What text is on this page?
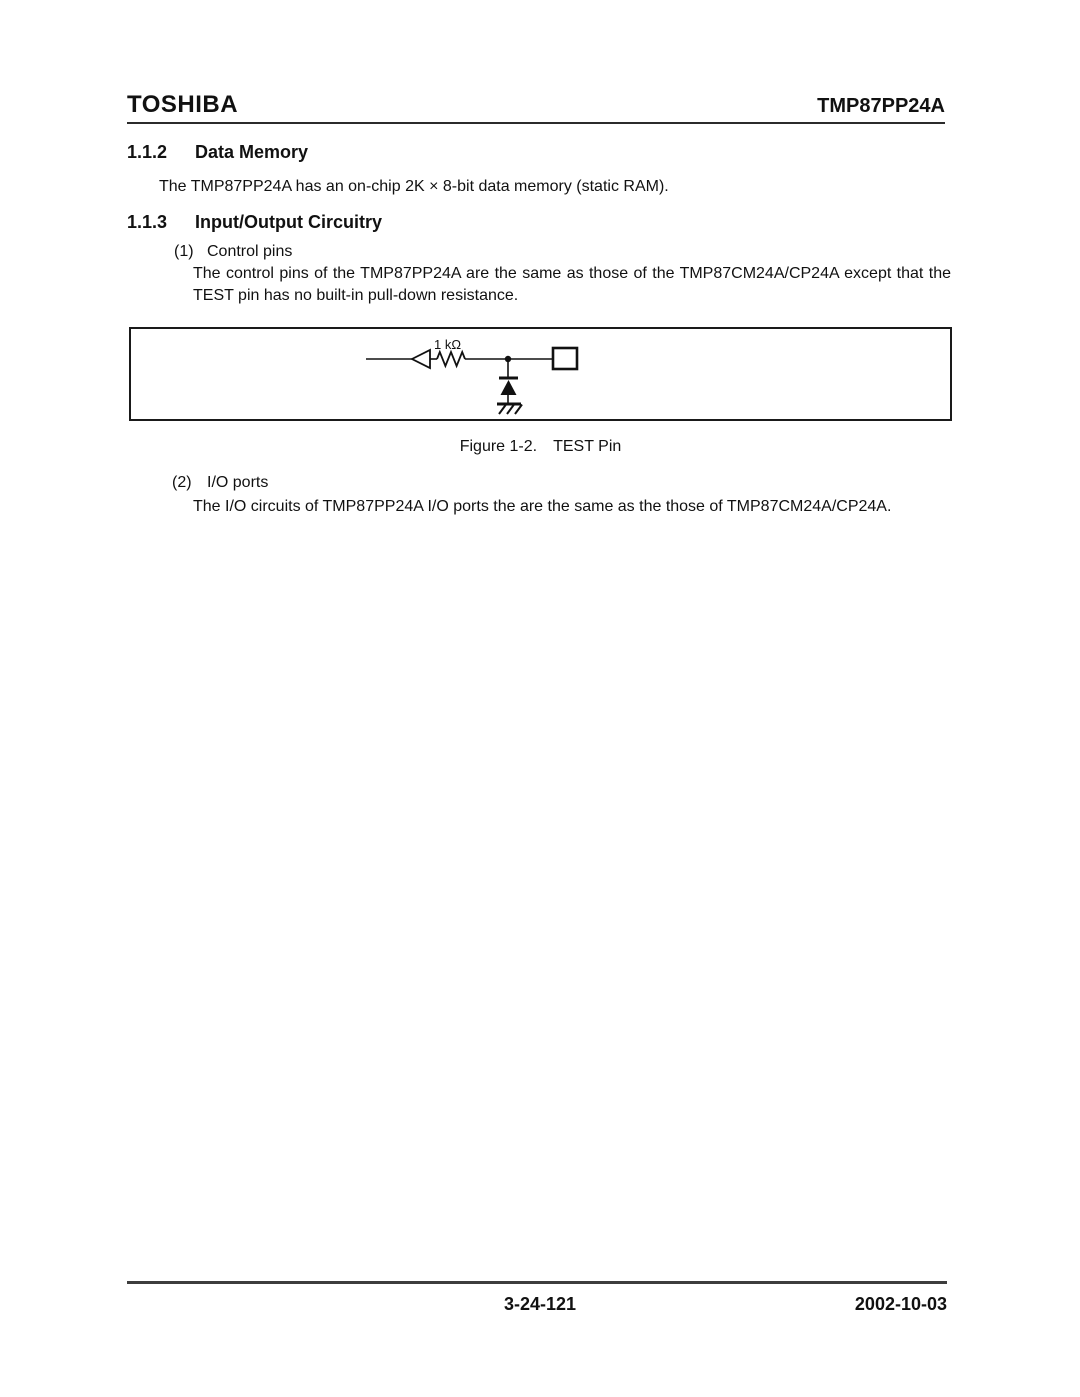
TOSHIBA	TMP87PP24A
1.1.2 Data Memory
The TMP87PP24A has an on-chip 2K × 8-bit data memory (static RAM).
1.1.3 Input/Output Circuitry
(1) Control pins
The control pins of the TMP87PP24A are the same as those of the TMP87CM24A/CP24A except that the TEST pin has no built-in pull-down resistance.
1 kΩ
Figure 1-2. TEST Pin
(2) I/O ports
The I/O circuits of TMP87PP24A I/O ports the are the same as the those of TMP87CM24A/CP24A.
3-24-121	2002-10-03
